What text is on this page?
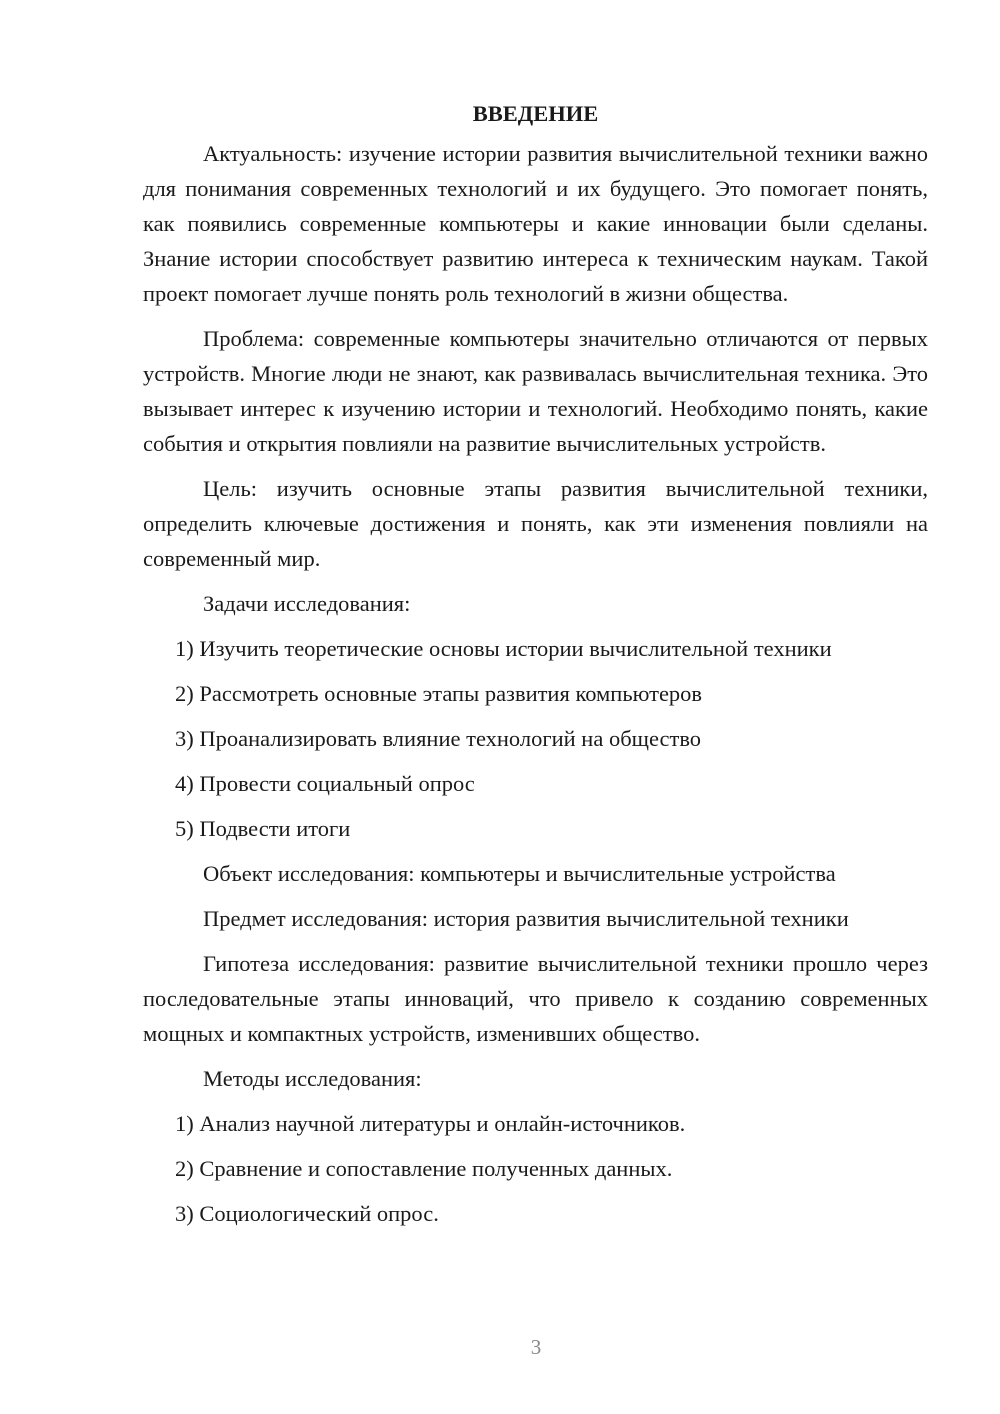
ВВЕДЕНИЕ
Актуальность: изучение истории развития вычислительной техники важно для понимания современных технологий и их будущего. Это помогает понять, как появились современные компьютеры и какие инновации были сделаны. Знание истории способствует развитию интереса к техническим наукам. Такой проект помогает лучше понять роль технологий в жизни общества.
Проблема: современные компьютеры значительно отличаются от первых устройств. Многие люди не знают, как развивалась вычислительная техника. Это вызывает интерес к изучению истории и технологий. Необходимо понять, какие события и открытия повлияли на развитие вычислительных устройств.
Цель: изучить основные этапы развития вычислительной техники, определить ключевые достижения и понять, как эти изменения повлияли на современный мир.
Задачи исследования:
1) Изучить теоретические основы истории вычислительной техники
2) Рассмотреть основные этапы развития компьютеров
3) Проанализировать влияние технологий на общество
4) Провести социальный опрос
5) Подвести итоги
Объект исследования: компьютеры и вычислительные устройства
Предмет исследования: история развития вычислительной техники
Гипотеза исследования: развитие вычислительной техники прошло через последовательные этапы инноваций, что привело к созданию современных мощных и компактных устройств, изменивших общество.
Методы исследования:
1) Анализ научной литературы и онлайн-источников.
2) Сравнение и сопоставление полученных данных.
3) Социологический опрос.
3
